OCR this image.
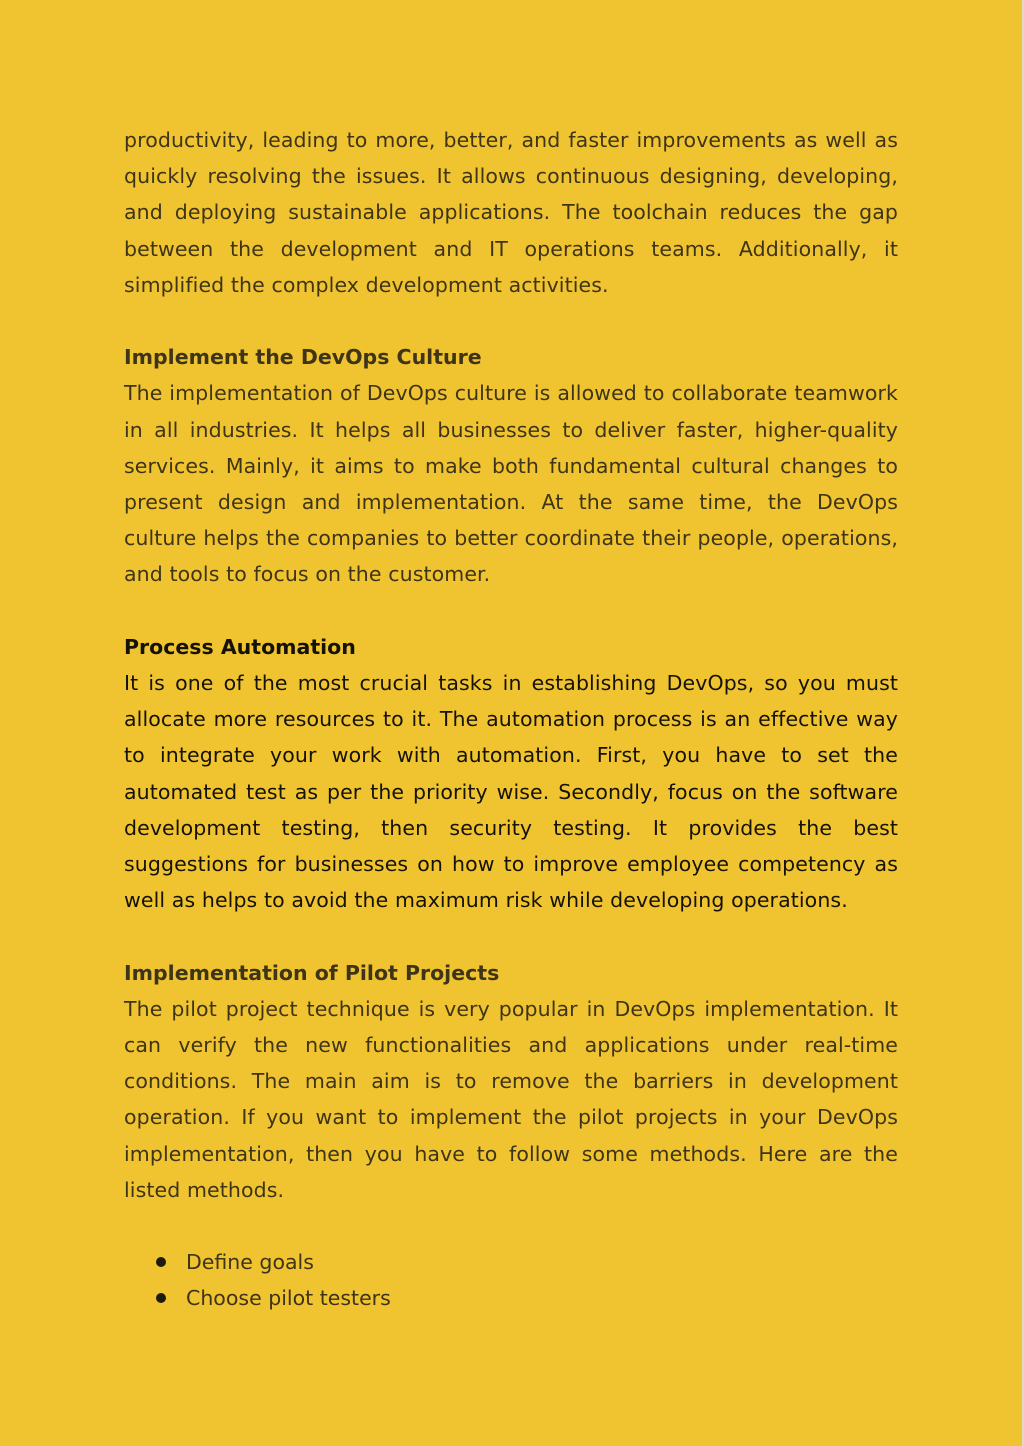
productivity, leading to more, better, and faster improvements as well as quickly resolving the issues. It allows continuous designing, developing, and deploying sustainable applications. The toolchain reduces the gap between the development and IT operations teams. Additionally, it simplified the complex development activities.

Implement the DevOps Culture

The implementation of DevOps culture is allowed to collaborate teamwork in all industries. It helps all businesses to deliver faster, higher-quality services. Mainly, it aims to make both fundamental cultural changes to present design and implementation. At the same time, the DevOps culture helps the companies to better coordinate their people, operations, and tools to focus on the customer.

Process Automation

It is one of the most crucial tasks in establishing DevOps, so you must allocate more resources to it. The automation process is an effective way to integrate your work with automation. First, you have to set the automated test as per the priority wise. Secondly, focus on the software development testing, then security testing. It provides the best suggestions for businesses on how to improve employee competency as well as helps to avoid the maximum risk while developing operations.

Implementation of Pilot Projects

The pilot project technique is very popular in DevOps implementation. It can verify the new functionalities and applications under real-time conditions. The main aim is to remove the barriers in development operation. If you want to implement the pilot projects in your DevOps implementation, then you have to follow some methods. Here are the listed methods.

Define goals
Choose pilot testers
